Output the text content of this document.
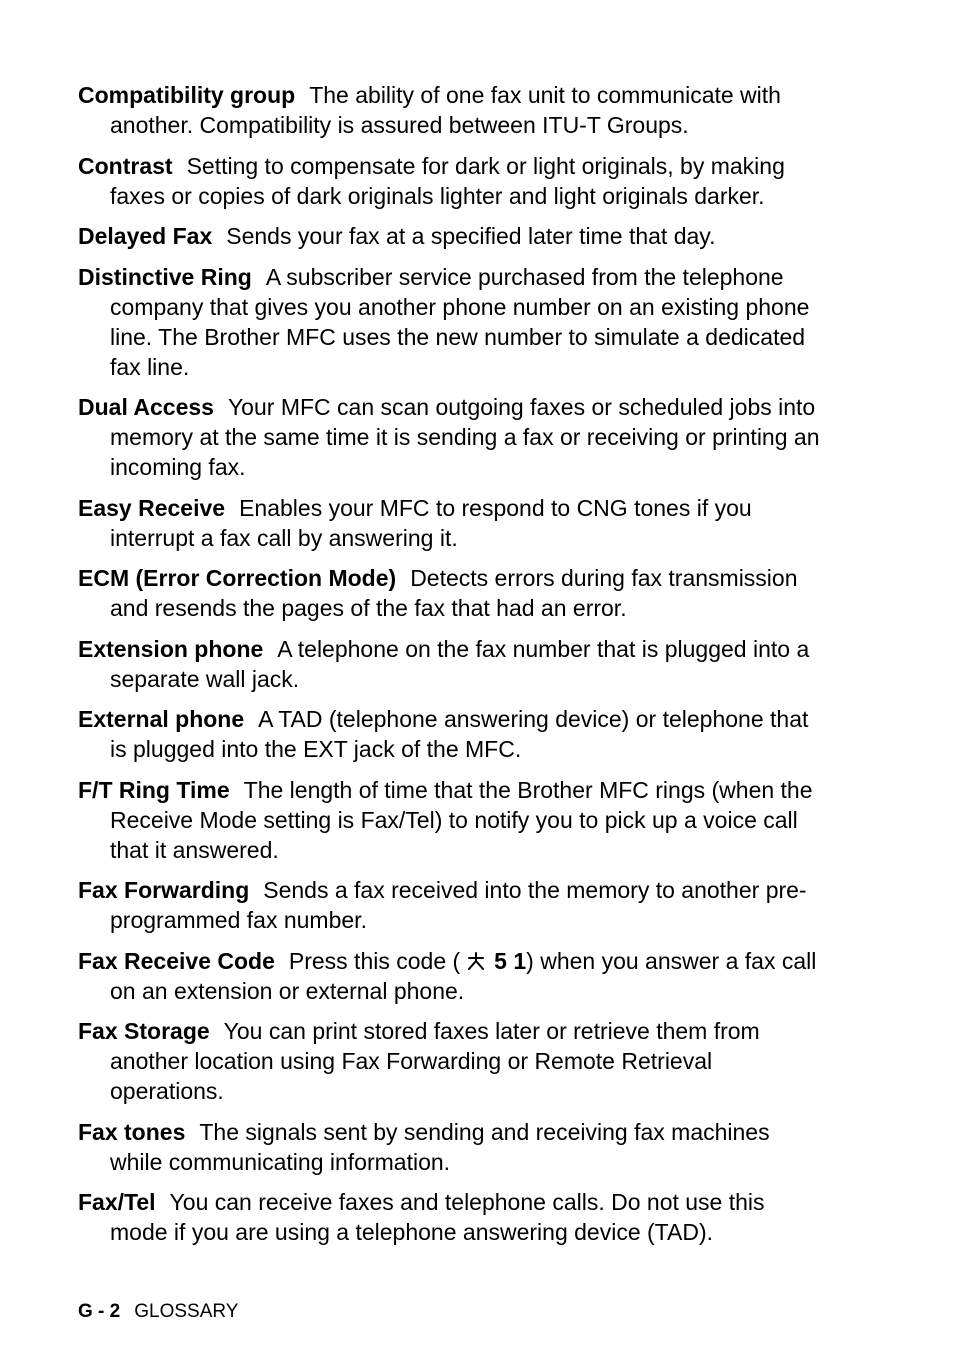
Compatibility group The ability of one fax unit to communicate with another. Compatibility is assured between ITU-T Groups.

Contrast Setting to compensate for dark or light originals, by making faxes or copies of dark originals lighter and light originals darker.

Delayed Fax Sends your fax at a specified later time that day.

Distinctive Ring A subscriber service purchased from the telephone company that gives you another phone number on an existing phone line. The Brother MFC uses the new number to simulate a dedicated fax line.

Dual Access Your MFC can scan outgoing faxes or scheduled jobs into memory at the same time it is sending a fax or receiving or printing an incoming fax.

Easy Receive Enables your MFC to respond to CNG tones if you interrupt a fax call by answering it.

ECM (Error Correction Mode) Detects errors during fax transmission and resends the pages of the fax that had an error.

Extension phone A telephone on the fax number that is plugged into a separate wall jack.

External phone A TAD (telephone answering device) or telephone that is plugged into the EXT jack of the MFC.

F/T Ring Time The length of time that the Brother MFC rings (when the Receive Mode setting is Fax/Tel) to notify you to pick up a voice call that it answered.

Fax Forwarding Sends a fax received into the memory to another pre-programmed fax number.

Fax Receive Code Press this code ( 5 1) when you answer a fax call on an extension or external phone.

Fax Storage You can print stored faxes later or retrieve them from another location using Fax Forwarding or Remote Retrieval operations.

Fax tones The signals sent by sending and receiving fax machines while communicating information.

Fax/Tel You can receive faxes and telephone calls. Do not use this mode if you are using a telephone answering device (TAD).

G - 2 GLOSSARY
